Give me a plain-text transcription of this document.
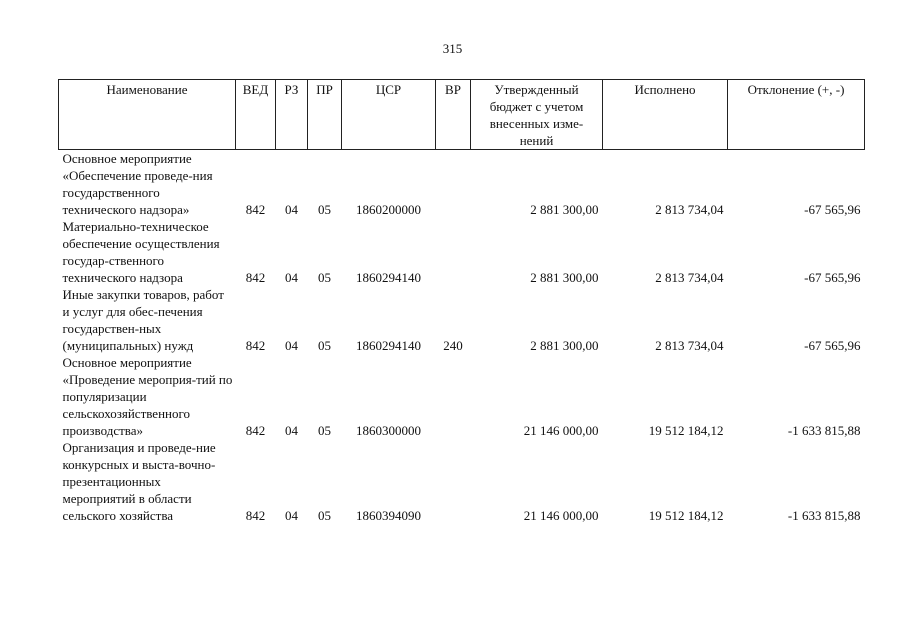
315
Наименование	ВЕД	РЗ	ПР	ЦСР	ВР	Утвержденный бюджет с учетом внесенных изме-нений	Исполнено	Отклонение (+, -)
Основное мероприятие «Обеспечение проведе-ния государственного технического надзора»	842	04	05	1860200000		2 881 300,00	2 813 734,04	-67 565,96
Материально-техническое обеспечение осуществления государ-ственного технического надзора	842	04	05	1860294140		2 881 300,00	2 813 734,04	-67 565,96
Иные закупки товаров, работ и услуг для обес-печения государствен-ных (муниципальных) нужд	842	04	05	1860294140	240	2 881 300,00	2 813 734,04	-67 565,96
Основное мероприятие «Проведение мероприя-тий по популяризации сельскохозяйственного производства»	842	04	05	1860300000		21 146 000,00	19 512 184,12	-1 633 815,88
Организация и проведе-ние конкурсных и выста-вочно-презентационных мероприятий в области сельского хозяйства	842	04	05	1860394090		21 146 000,00	19 512 184,12	-1 633 815,88
